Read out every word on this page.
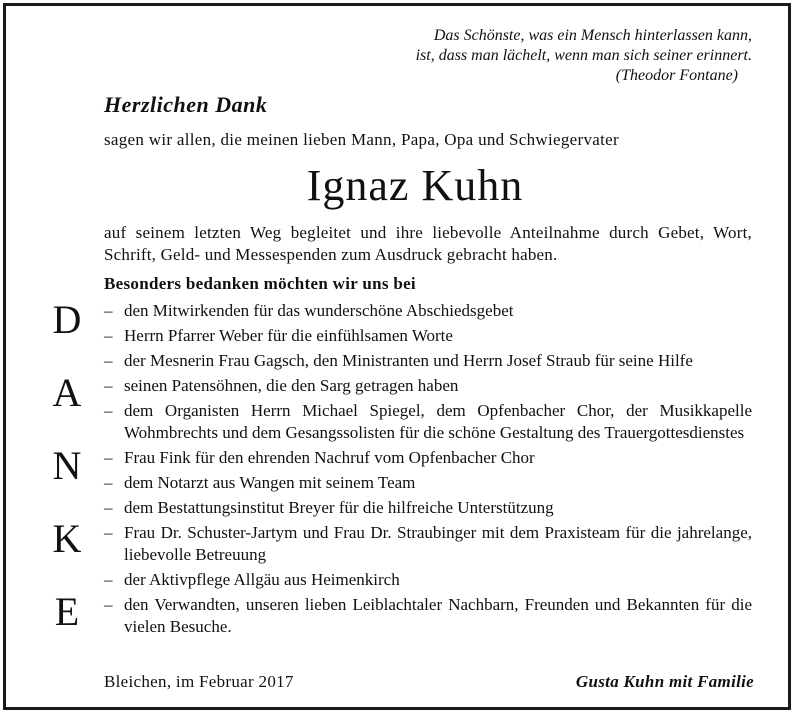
Das Schönste, was ein Mensch hinterlassen kann,
ist, dass man lächelt, wenn man sich seiner erinnert.
(Theodor Fontane)
Herzlichen Dank
sagen wir allen, die meinen lieben Mann, Papa, Opa und Schwiegervater
Ignaz Kuhn
auf seinem letzten Weg begleitet und ihre liebevolle Anteilnahme durch Gebet, Wort, Schrift, Geld- und Messespenden zum Ausdruck gebracht haben.
Besonders bedanken möchten wir uns bei
D
A
N
K
E
– den Mitwirkenden für das wunderschöne Abschiedsgebet
– Herrn Pfarrer Weber für die einfühlsamen Worte
– der Mesnerin Frau Gagsch, den Ministranten und Herrn Josef Straub für seine Hilfe
– seinen Patensöhnen, die den Sarg getragen haben
– dem Organisten Herrn Michael Spiegel, dem Opfenbacher Chor, der Musikkapelle Wohmbrechts und dem Gesangssolisten für die schöne Gestaltung des Trauergottesdienstes
– Frau Fink für den ehrenden Nachruf vom Opfenbacher Chor
– dem Notarzt aus Wangen mit seinem Team
– dem Bestattungsinstitut Breyer für die hilfreiche Unterstützung
– Frau Dr. Schuster-Jartym und Frau Dr. Straubinger mit dem Praxisteam für die jahrelange, liebevolle Betreuung
– der Aktivpflege Allgäu aus Heimenkirch
– den Verwandten, unseren lieben Leiblachtaler Nachbarn, Freunden und Bekannten für die vielen Besuche.
Bleichen, im Februar 2017	Gusta Kuhn mit Familie
